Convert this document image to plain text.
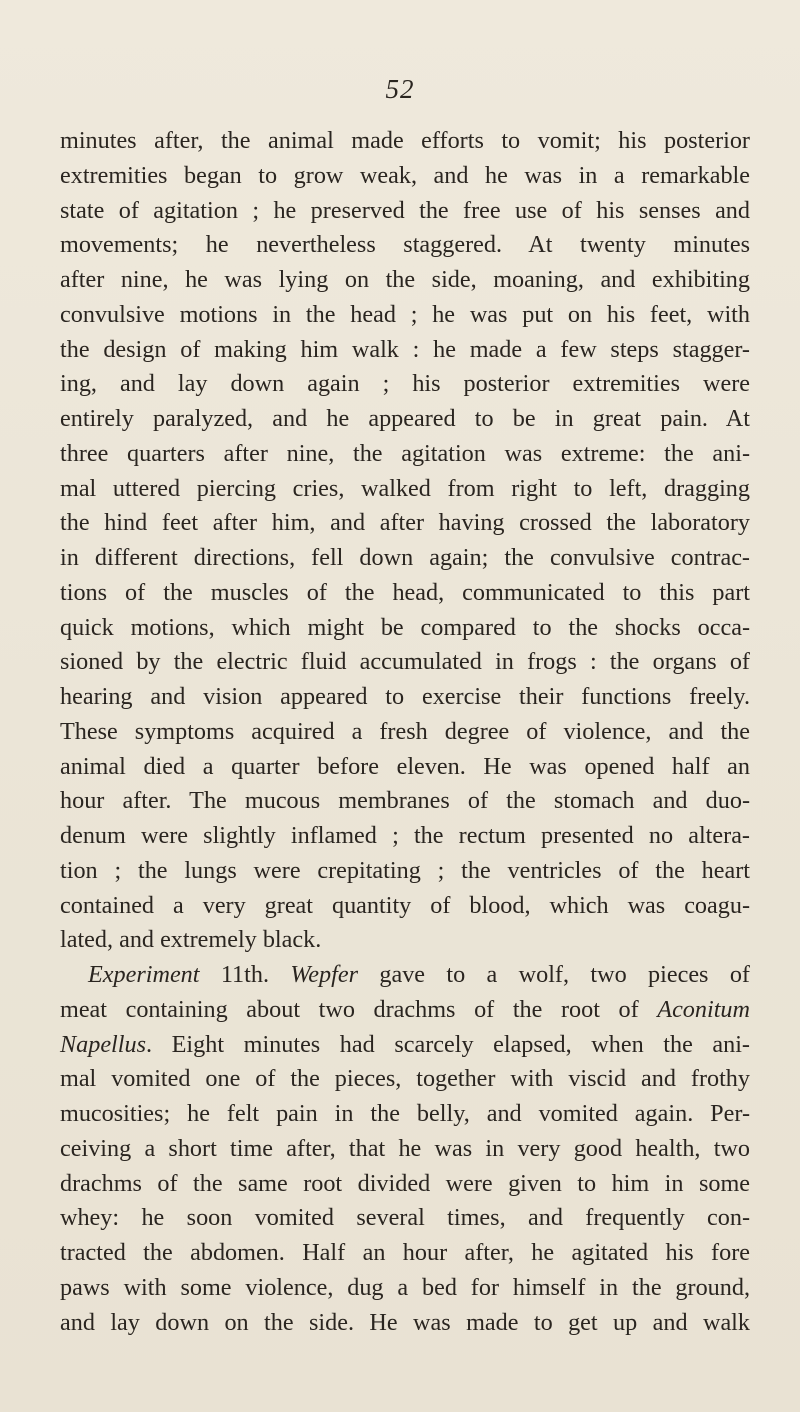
52
minutes after, the animal made efforts to vomit; his posterior
extremities began to grow weak, and he was in a remarkable
state of agitation ; he preserved the free use of his senses and
movements; he nevertheless staggered. At twenty minutes
after nine, he was lying on the side, moaning, and exhibiting
convulsive motions in the head ; he was put on his feet, with
the design of making him walk : he made a few steps stagger-
ing, and lay down again ; his posterior extremities were
entirely paralyzed, and he appeared to be in great pain. At
three quarters after nine, the agitation was extreme: the ani-
mal uttered piercing cries, walked from right to left, dragging
the hind feet after him, and after having crossed the laboratory
in different directions, fell down again; the convulsive contrac-
tions of the muscles of the head, communicated to this part
quick motions, which might be compared to the shocks occa-
sioned by the electric fluid accumulated in frogs : the organs of
hearing and vision appeared to exercise their functions freely.
These symptoms acquired a fresh degree of violence, and the
animal died a quarter before eleven. He was opened half an
hour after. The mucous membranes of the stomach and duo-
denum were slightly inflamed ; the rectum presented no altera-
tion ; the lungs were crepitating ; the ventricles of the heart
contained a very great quantity of blood, which was coagu-
lated, and extremely black.
Experiment 11th. Wepfer gave to a wolf, two pieces of
meat containing about two drachms of the root of Aconitum
Napellus. Eight minutes had scarcely elapsed, when the ani-
mal vomited one of the pieces, together with viscid and frothy
mucosities; he felt pain in the belly, and vomited again. Per-
ceiving a short time after, that he was in very good health, two
drachms of the same root divided were given to him in some
whey: he soon vomited several times, and frequently con-
tracted the abdomen. Half an hour after, he agitated his fore
paws with some violence, dug a bed for himself in the ground,
and lay down on the side. He was made to get up and walk
